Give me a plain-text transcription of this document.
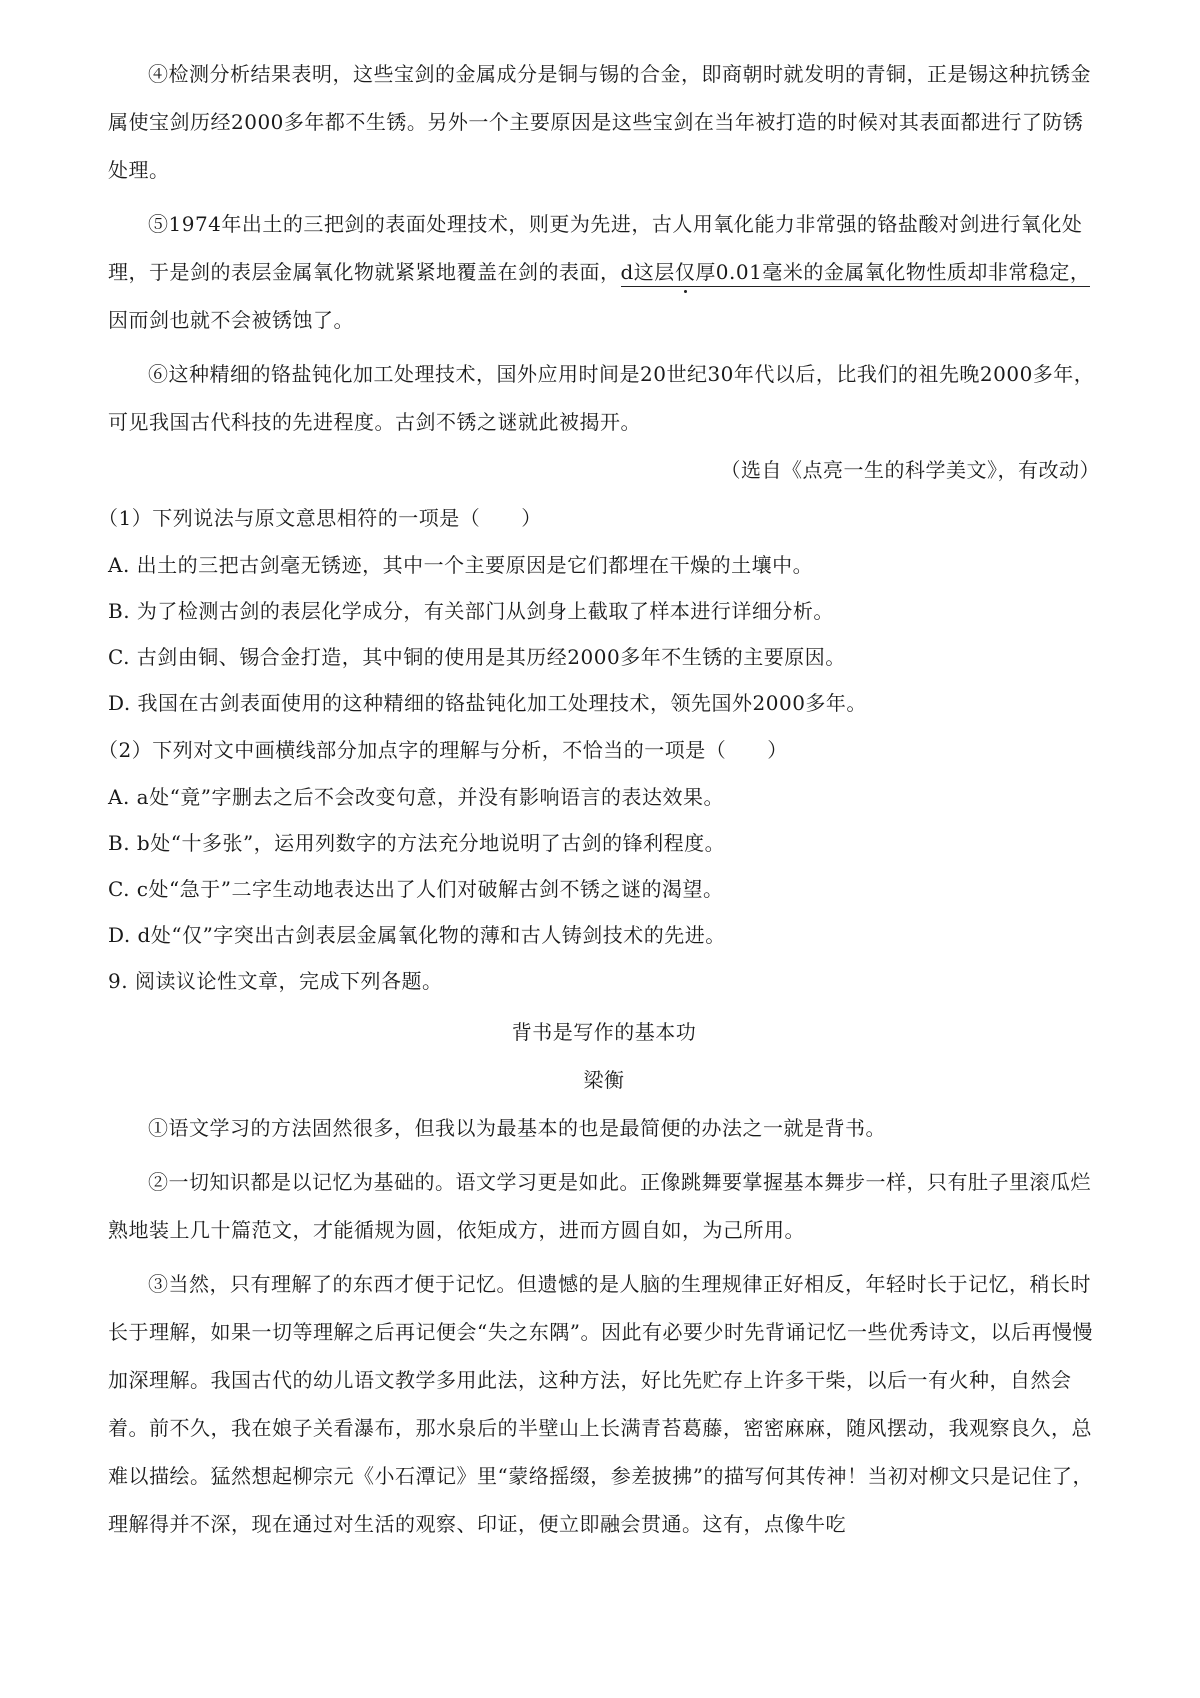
④检测分析结果表明，这些宝剑的金属成分是铜与锡的合金，即商朝时就发明的青铜，正是锡这种抗锈金属使宝剑历经2000多年都不生锈。另外一个主要原因是这些宝剑在当年被打造的时候对其表面都进行了防锈处理。

⑤1974年出土的三把剑的表面处理技术，则更为先进，古人用氧化能力非常强的铬盐酸对剑进行氧化处理，于是剑的表层金属氧化物就紧紧地覆盖在剑的表面，d这层仅厚0.01毫米的金属氧化物性质却非常稳定，因而剑也就不会被锈蚀了。

⑥这种精细的铬盐钝化加工处理技术，国外应用时间是20世纪30年代以后，比我们的祖先晚2000多年，可见我国古代科技的先进程度。古剑不锈之谜就此被揭开。

（选自《点亮一生的科学美文》，有改动）

（1）下列说法与原文意思相符的一项是（　　）

A. 出土的三把古剑毫无锈迹，其中一个主要原因是它们都埋在干燥的土壤中。

B. 为了检测古剑的表层化学成分，有关部门从剑身上截取了样本进行详细分析。

C. 古剑由铜、锡合金打造，其中铜的使用是其历经2000多年不生锈的主要原因。

D. 我国在古剑表面使用的这种精细的铬盐钝化加工处理技术，领先国外2000多年。

（2）下列对文中画横线部分加点字的理解与分析，不恰当的一项是（　　）

A. a处“竟”字删去之后不会改变句意，并没有影响语言的表达效果。

B. b处“十多张”，运用列数字的方法充分地说明了古剑的锋利程度。

C. c处“急于”二字生动地表达出了人们对破解古剑不锈之谜的渴望。

D. d处“仅”字突出古剑表层金属氧化物的薄和古人铸剑技术的先进。

9. 阅读议论性文章，完成下列各题。

背书是写作的基本功

梁衡

①语文学习的方法固然很多，但我以为最基本的也是最简便的办法之一就是背书。

②一切知识都是以记忆为基础的。语文学习更是如此。正像跳舞要掌握基本舞步一样，只有肚子里滚瓜烂熟地装上几十篇范文，才能循规为圆，依矩成方，进而方圆自如，为己所用。

③当然，只有理解了的东西才便于记忆。但遗憾的是人脑的生理规律正好相反，年轻时长于记忆，稍长时长于理解，如果一切等理解之后再记便会“失之东隅”。因此有必要少时先背诵记忆一些优秀诗文，以后再慢慢加深理解。我国古代的幼儿语文教学多用此法，这种方法，好比先贮存上许多干柴，以后一有火种，自然会着。前不久，我在娘子关看瀑布，那水泉后的半壁山上长满青苔葛藤，密密麻麻，随风摆动，我观察良久，总难以描绘。猛然想起柳宗元《小石潭记》里“蒙络摇缀，参差披拂”的描写何其传神！当初对柳文只是记住了，理解得并不深，现在通过对生活的观察、印证，便立即融会贯通。这有，点像牛吃
